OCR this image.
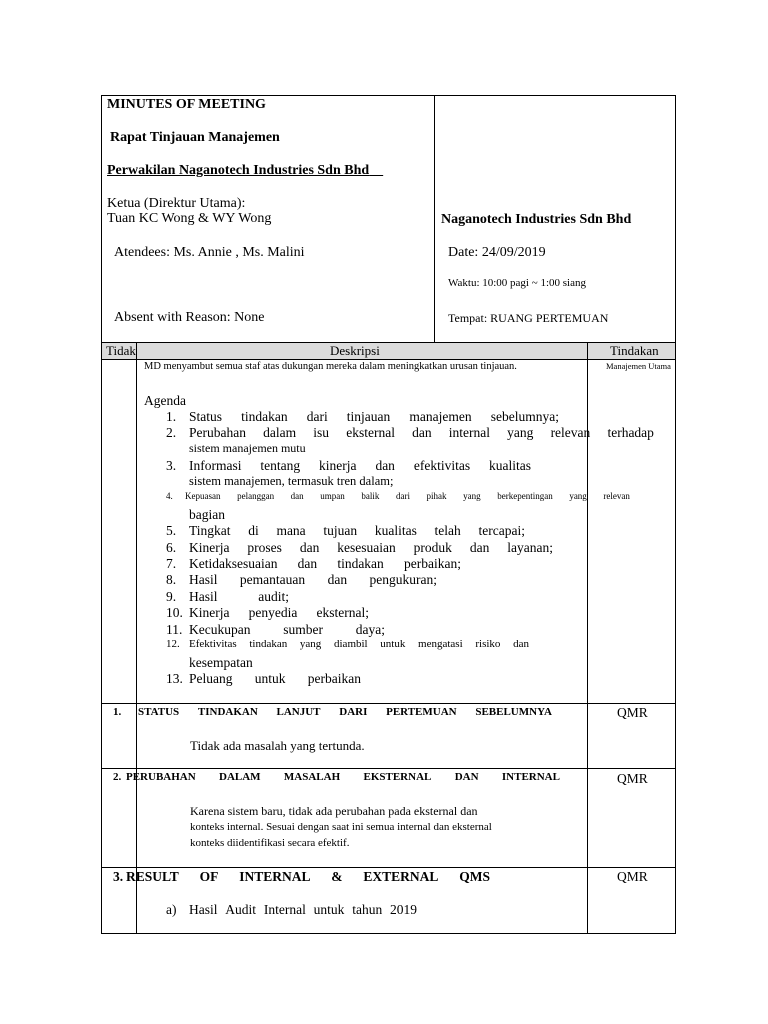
MINUTES OF MEETING
Rapat Tinjauan Manajemen
Perwakilan Naganotech Industries Sdn Bhd
Ketua (Direktur Utama):
Tuan KC Wong & WY Wong
Atendees: Ms. Annie , Ms. Malini
Absent with Reason: None
Naganotech Industries Sdn Bhd
Date: 24/09/2019
Waktu: 10:00 pagi ~ 1:00 siang
Tempat: RUANG PERTEMUAN
Tidak	Deskripsi	Tindakan
MD menyambut semua staf atas dukungan mereka dalam meningkatkan urusan tinjauan.	Manajemen Utama
Agenda
1. Status tindakan dari tinjauan manajemen sebelumnya;
2. Perubahan dalam isu eksternal dan internal yang relevan terhadap
sistem manajemen mutu
3. Informasi tentang kinerja dan efektivitas kualitas
sistem manajemen, termasuk tren dalam;
4.	Kepuasan pelanggan dan umpan balik dari pihak yang berkepentingan yang relevan
bagian
5. Tingkat di mana tujuan kualitas telah tercapai;
6. Kinerja proses dan kesesuaian produk dan layanan;
7. Ketidaksesuaian dan tindakan perbaikan;
8. Hasil pemantauan dan pengukuran;
9. Hasil	audit;
10. Kinerja penyedia eksternal;
11. Kecukupan sumber daya;
12. Efektivitas tindakan yang diambil untuk mengatasi risiko dan
kesempatan
13. Peluang untuk perbaikan
1. STATUS TINDAKAN LANJUT DARI PERTEMUAN SEBELUMNYA	QMR
Tidak ada masalah yang tertunda.
2. PERUBAHAN DALAM MASALAH EKSTERNAL DAN INTERNAL	QMR
Karena sistem baru, tidak ada perubahan pada eksternal dan
konteks internal. Sesuai dengan saat ini semua internal dan eksternal
konteks diidentifikasi secara efektif.
3. RESULT OF INTERNAL & EXTERNAL QMS	QMR
a) Hasil Audit Internal untuk tahun 2019
